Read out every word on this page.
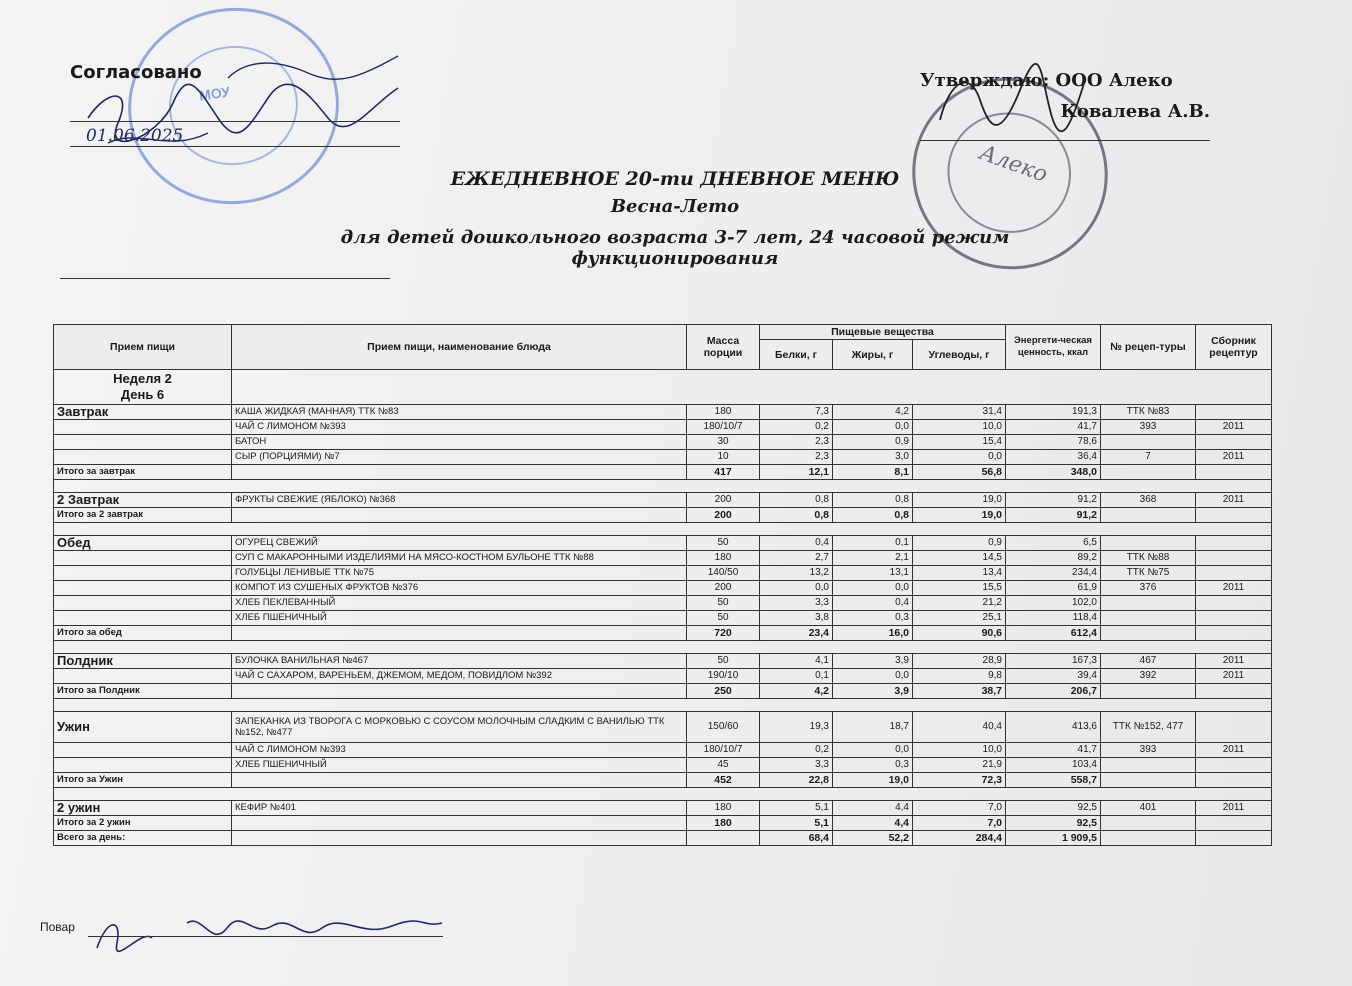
МОУ
Алеко
Согласовано
01.06.2025
Утверждаю: ООО Алеко
Ковалева А.В.
ЕЖЕДНЕВНОЕ 20-ти ДНЕВНОЕ МЕНЮ
Весна-Лето
для детей дошкольного возраста 3-7 лет, 24 часовой режим функционирования
Прием пищи	Прием пищи, наименование блюда	Масса порции	Пищевые вещества			Энергети-ческая ценность, ккал	№ рецеп-туры	Сборник рецептур
			Белки, г	Жиры, г	Углеводы, г			

Неделя 2
День 6								

Завтрак	КАША ЖИДКАЯ (МАННАЯ) ТТК №83	180	7,3	4,2	31,4	191,3	ТТК №83	
	ЧАЙ С ЛИМОНОМ №393	180/10/7	0,2	0,0	10,0	41,7	393	2011
	БАТОН	30	2,3	0,9	15,4	78,6		
	СЫР (ПОРЦИЯМИ) №7	10	2,3	3,0	0,0	36,4	7	2011
Итого за завтрак		417	12,1	8,1	56,8	348,0		

2 Завтрак	ФРУКТЫ СВЕЖИЕ (ЯБЛОКО) №368	200	0,8	0,8	19,0	91,2	368	2011
Итого за 2 завтрак		200	0,8	0,8	19,0	91,2		

Обед	ОГУРЕЦ СВЕЖИЙ	50	0,4	0,1	0,9	6,5		
	СУП С МАКАРОННЫМИ ИЗДЕЛИЯМИ НА МЯСО-КОСТНОМ БУЛЬОНЕ ТТК №88	180	2,7	2,1	14,5	89,2	ТТК №88	
	ГОЛУБЦЫ ЛЕНИВЫЕ ТТК №75	140/50	13,2	13,1	13,4	234,4	ТТК №75	
	КОМПОТ ИЗ СУШЕНЫХ ФРУКТОВ №376	200	0,0	0,0	15,5	61,9	376	2011
	ХЛЕБ ПЕКЛЕВАННЫЙ	50	3,3	0,4	21,2	102,0		
	ХЛЕБ ПШЕНИЧНЫЙ	50	3,8	0,3	25,1	118,4		
Итого за обед		720	23,4	16,0	90,6	612,4		

Полдник	БУЛОЧКА ВАНИЛЬНАЯ №467	50	4,1	3,9	28,9	167,3	467	2011
	ЧАЙ С САХАРОМ, ВАРЕНЬЕМ, ДЖЕМОМ, МЕДОМ, ПОВИДЛОМ №392	190/10	0,1	0,0	9,8	39,4	392	2011
Итого за Полдник		250	4,2	3,9	38,7	206,7		

Ужин	ЗАПЕКАНКА ИЗ ТВОРОГА С МОРКОВЬЮ С СОУСОМ МОЛОЧНЫМ СЛАДКИМ С ВАНИЛЬЮ ТТК №152, №477	150/60	19,3	18,7	40,4	413,6	ТТК №152, 477	
	ЧАЙ С ЛИМОНОМ №393	180/10/7	0,2	0,0	10,0	41,7	393	2011
	ХЛЕБ ПШЕНИЧНЫЙ	45	3,3	0,3	21,9	103,4		
Итого за Ужин		452	22,8	19,0	72,3	558,7		

2 ужин	КЕФИР №401	180	5,1	4,4	7,0	92,5	401	2011
Итого за 2 ужин		180	5,1	4,4	7,0	92,5		
Всего за день:			68,4	52,2	284,4	1 909,5		
Повар
